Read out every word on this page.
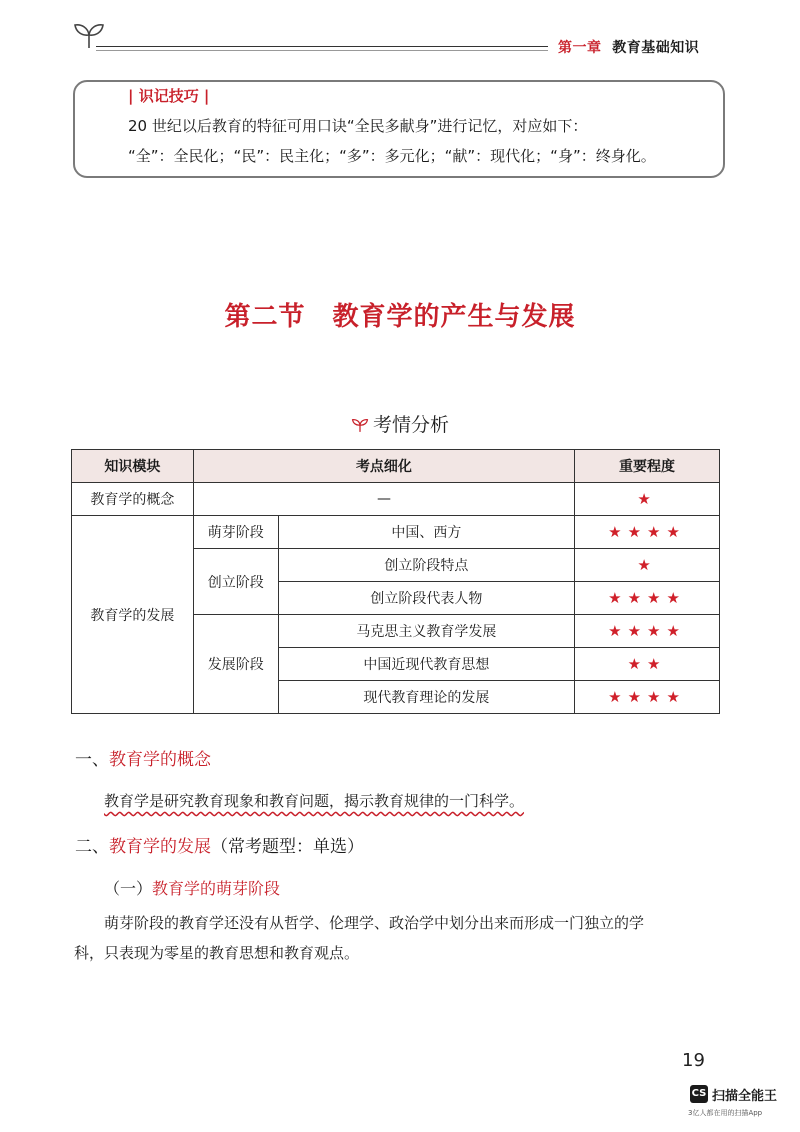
第一章 教育基础知识
| 识记技巧 |
20 世纪以后教育的特征可用口诀“全民多献身”进行记忆，对应如下：
“全”：全民化；“民”：民主化；“多”：多元化；“献”：现代化；“身”：终身化。
第二节　教育学的产生与发展
考情分析
知识模块	考点细化		重要程度
教育学的概念	—		★
教育学的发展	萌芽阶段	中国、西方	★★★★
	创立阶段	创立阶段特点	★
		创立阶段代表人物	★★★★
	发展阶段	马克思主义教育学发展	★★★★
		中国近现代教育思想	★★
		现代教育理论的发展	★★★★
一、教育学的概念
教育学是研究教育现象和教育问题，揭示教育规律的一门科学。
二、教育学的发展（常考题型：单选）
（一）教育学的萌芽阶段
萌芽阶段的教育学还没有从哲学、伦理学、政治学中划分出来而形成一门独立的学
科，只表现为零星的教育思想和教育观点。
19
CS 扫描全能王
3亿人都在用的扫描App
